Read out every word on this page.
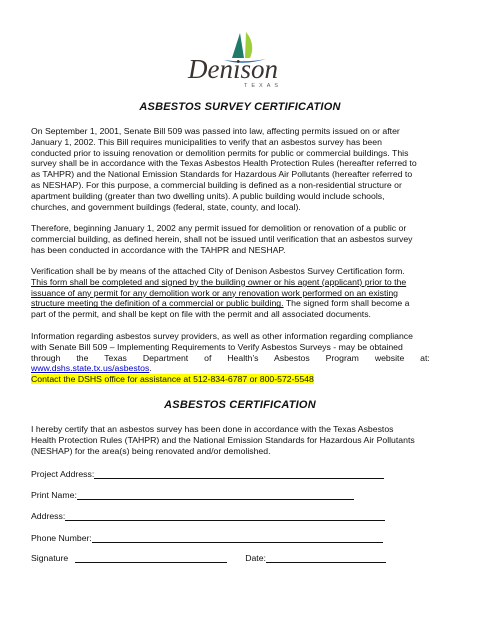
Denison
TEXAS
ASBESTOS SURVEY CERTIFICATION
On September 1, 2001, Senate Bill 509 was passed into law, affecting permits issued on or after
January 1, 2002. This Bill requires municipalities to verify that an asbestos survey has been
conducted prior to issuing renovation or demolition permits for public or commercial buildings. This
survey shall be in accordance with the Texas Asbestos Health Protection Rules (hereafter referred to
as TAHPR) and the National Emission Standards for Hazardous Air Pollutants (hereafter referred to
as NESHAP). For this purpose, a commercial building is defined as a non-residential structure or
apartment building (greater than two dwelling units). A public building would include schools,
churches, and government buildings (federal, state, county, and local).
Therefore, beginning January 1, 2002 any permit issued for demolition or renovation of a public or
commercial building, as defined herein, shall not be issued until verification that an asbestos survey
has been conducted in accordance with the TAHPR and NESHAP.
Verification shall be by means of the attached City of Denison Asbestos Survey Certification form.
This form shall be completed and signed by the building owner or his agent (applicant) prior to the
issuance of any permit for any demolition work or any renovation work performed on an existing
structure meeting the definition of a commercial or public building. The signed form shall become a
part of the permit, and shall be kept on file with the permit and all associated documents.
Information regarding asbestos survey providers, as well as other information regarding compliance
with Senate Bill 509 – Implementing Requirements to Verify Asbestos Surveys - may be obtained
through the Texas Department of Health’s Asbestos Program website at:
www.dshs.state.tx.us/asbestos.
Contact the DSHS office for assistance at 512-834-6787 or 800-572-5548
ASBESTOS CERTIFICATION
I hereby certify that an asbestos survey has been done in accordance with the Texas Asbestos
Health Protection Rules (TAHPR) and the National Emission Standards for Hazardous Air Pollutants
(NESHAP) for the area(s) being renovated and/or demolished.
Project Address:
Print Name:
Address:
Phone Number:
Signature	Date:
